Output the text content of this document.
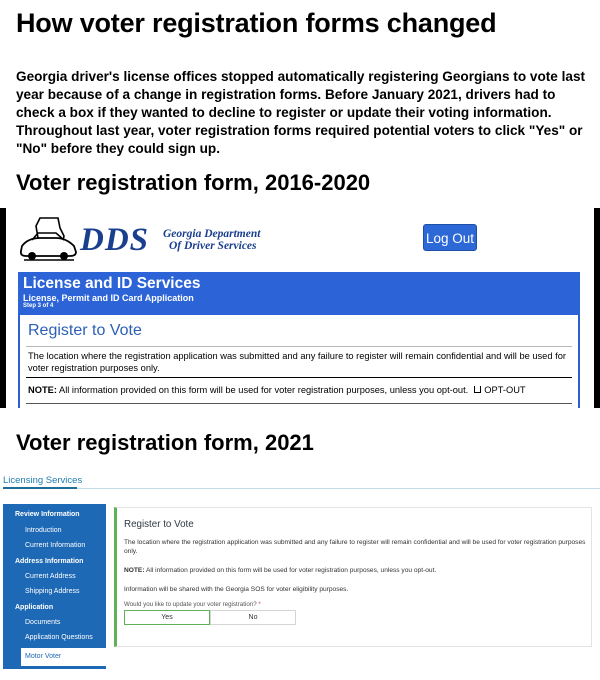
How voter registration forms changed
Georgia driver's license offices stopped automatically registering Georgians to vote last year because of a change in registration forms. Before January 2021, drivers had to check a box if they wanted to decline to register or update their voting information. Throughout last year, voter registration forms required potential voters to click "Yes" or "No" before they could sign up.
Voter registration form, 2016-2020
DDS Georgia Department
Of Driver Services	Log Out
License and ID Services
License, Permit and ID Card Application
Step 3 of 4
Register to Vote
The location where the registration application was submitted and any failure to register will remain confidential and will be used for voter registration purposes only.
NOTE: All information provided on this form will be used for voter registration purposes, unless you opt-out. OPT-OUT
Voter registration form, 2021
Licensing Services
Review Information
Introduction
Current Information
Address Information
Current Address
Shipping Address
Application
Documents
Application Questions
Motor Voter
Register to Vote
The location where the registration application was submitted and any failure to register will remain confidential and will be used for voter registration purposes only.
NOTE: All information provided on this form will be used for voter registration purposes, unless you opt-out.
Information will be shared with the Georgia SOS for voter eligibility purposes.
Would you like to update your voter registration? *
Yes	No
